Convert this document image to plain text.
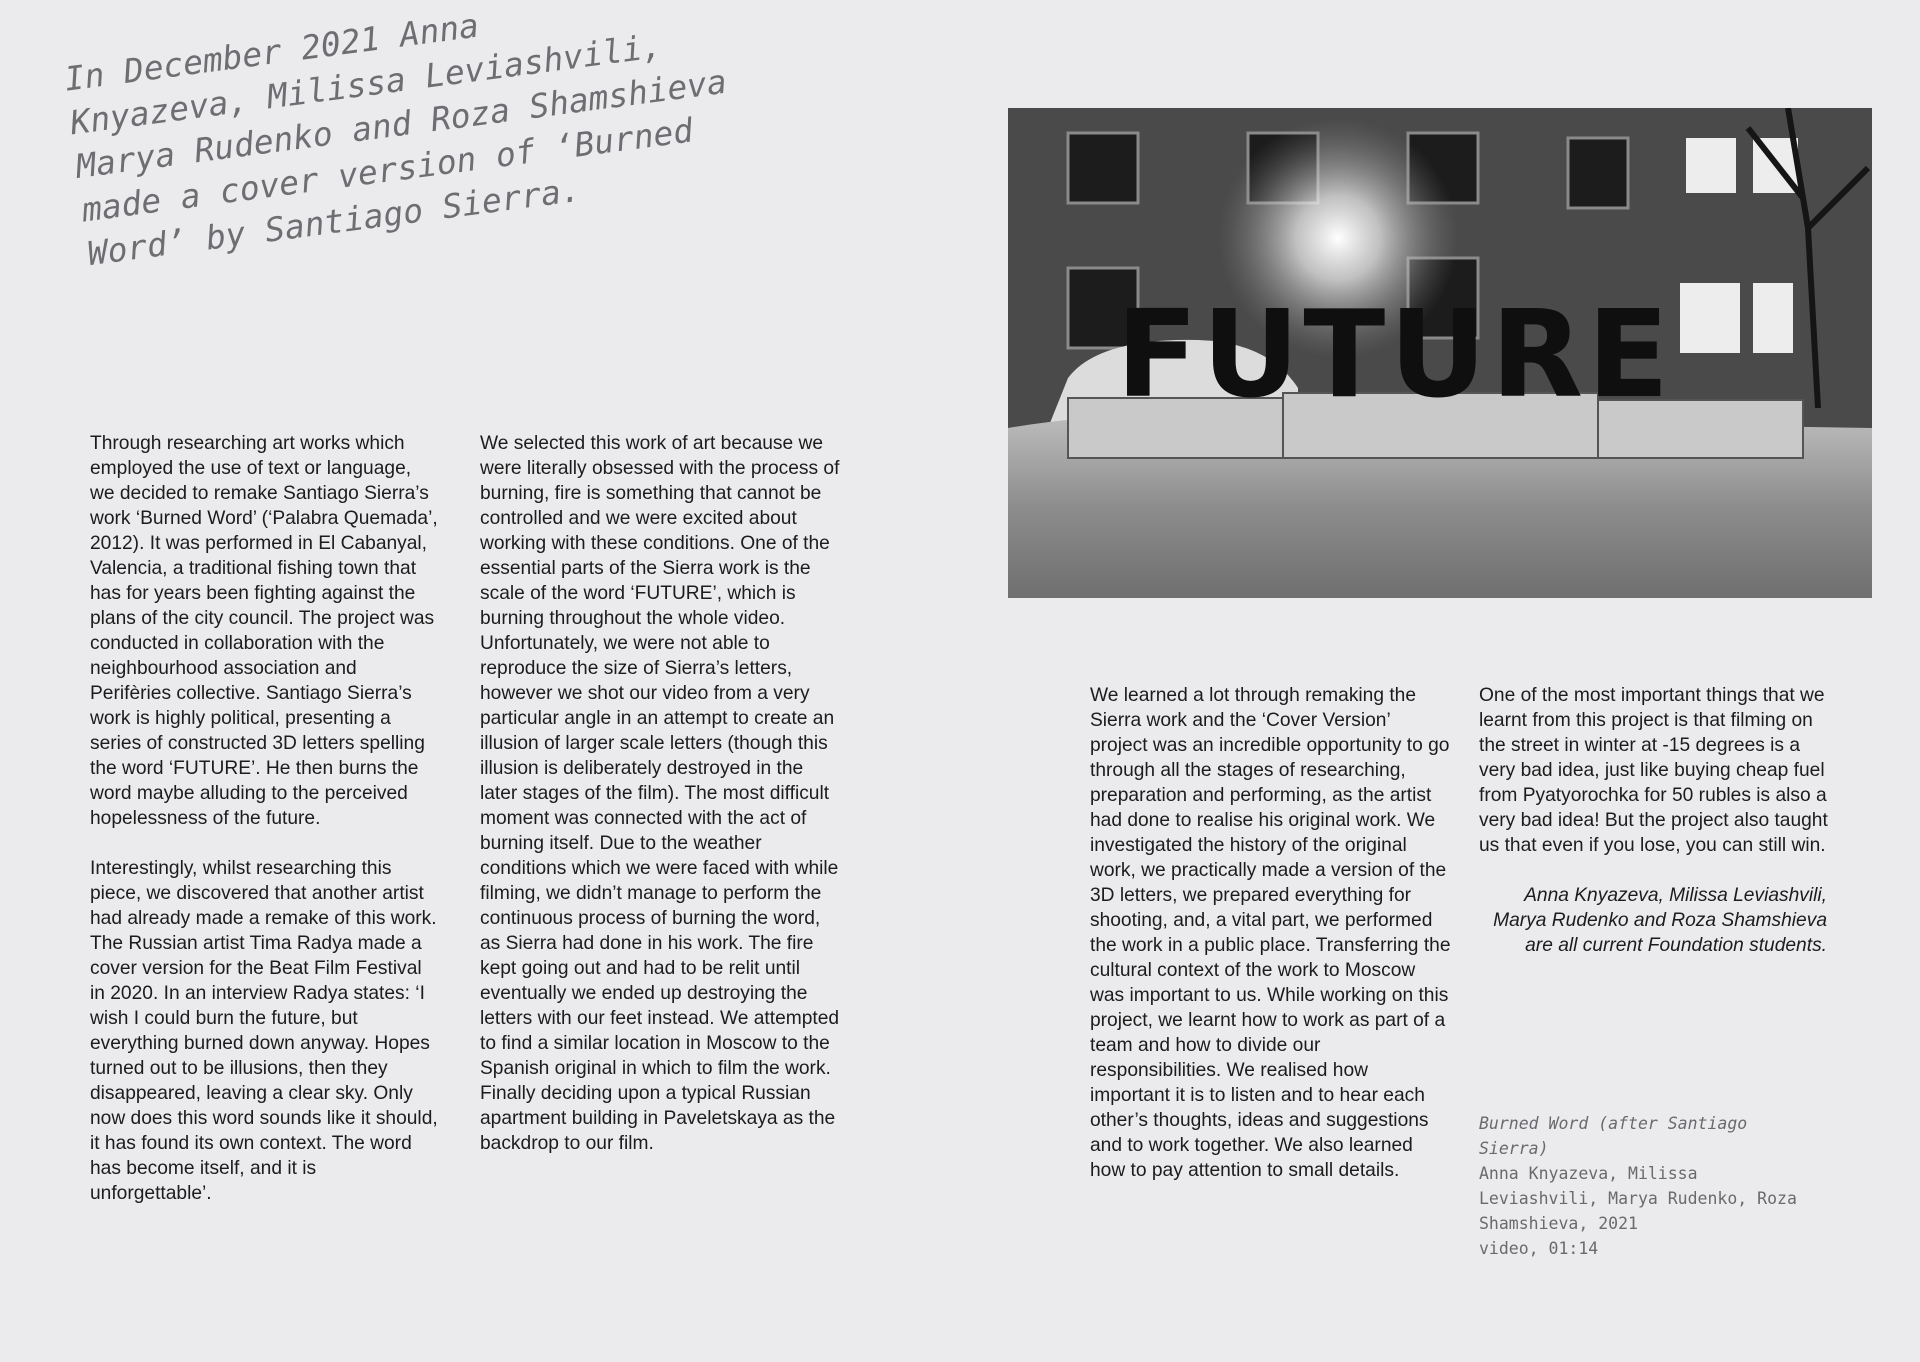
In December 2021 Anna
Knyazeva, Milissa Leviashvili,
Marya Rudenko and Roza Shamshieva
made a cover version of ‘Burned
Word’ by Santiago Sierra.
FUTURE

Through researching art works which employed the use of text or language, we decided to remake Santiago Sierra’s work ‘Burned Word’ (‘Palabra Quemada’, 2012). It was performed in El Cabanyal, Valencia, a traditional fishing town that has for years been fighting against the plans of the city council. The project was conducted in collaboration with the neighbourhood association and Perifèries collective. Santiago Sierra’s work is highly political, presenting a series of constructed 3D letters spelling the word ‘FUTURE’. He then burns the word maybe alluding to the perceived hopelessness of the future.

Interestingly, whilst researching this piece, we discovered that another artist had already made a remake of this work. The Russian artist Tima Radya made a cover version for the Beat Film Festival in 2020. In an interview Radya states: ‘I wish I could burn the future, but everything burned down anyway. Hopes turned out to be illusions, then they disappeared, leaving a clear sky. Only now does this word sounds like it should, it has found its own context. The word has become itself, and it is unforgettable’.

We selected this work of art because we were literally obsessed with the process of burning, fire is something that cannot be controlled and we were excited about working with these conditions. One of the essential parts of the Sierra work is the scale of the word ‘FUTURE’, which is burning throughout the whole video. Unfortunately, we were not able to reproduce the size of Sierra’s letters, however we shot our video from a very particular angle in an attempt to create an illusion of larger scale letters (though this illusion is deliberately destroyed in the later stages of the film). The most difficult moment was connected with the act of burning itself. Due to the weather conditions which we were faced with while filming, we didn’t manage to perform the continuous process of burning the word, as Sierra had done in his work. The fire kept going out and had to be relit until eventually we ended up destroying the letters with our feet instead. We attempted to find a similar location in Moscow to the Spanish original in which to film the work. Finally deciding upon a typical Russian apartment building in Paveletskaya as the backdrop to our film.

We learned a lot through remaking the Sierra work and the ‘Cover Version’ project was an incredible opportunity to go through all the stages of researching, preparation and performing, as the artist had done to realise his original work. We investigated the history of the original work, we practically made a version of the 3D letters, we prepared everything for shooting, and, a vital part, we performed the work in a public place. Transferring the cultural context of the work to Moscow was important to us. While working on this project, we learnt how to work as part of a team and how to divide our responsibilities. We realised how important it is to listen and to hear each other’s thoughts, ideas and suggestions and to work together. We also learned how to pay attention to small details.

One of the most important things that we learnt from this project is that filming on the street in winter at -15 degrees is a very bad idea, just like buying cheap fuel from Pyatyorochka for 50 rubles is also a very bad idea! But the project also taught us that even if you lose, you can still win.

Anna Knyazeva, Milissa Leviashvili, Marya Rudenko and Roza Shamshieva are all current Foundation students.

Burned Word (after Santiago Sierra)
Anna Knyazeva, Milissa Leviashvili, Marya Rudenko, Roza Shamshieva, 2021
video, 01:14
